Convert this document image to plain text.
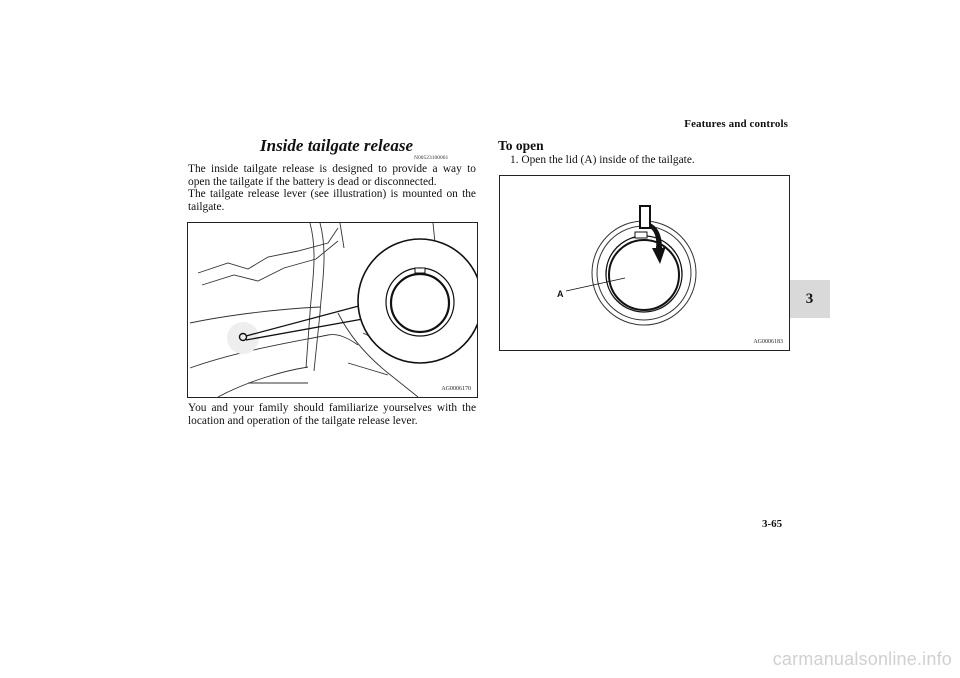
Features and controls
3
Inside tailgate release
N00523100061
The inside tailgate release is designed to provide a way to open the tailgate if the battery is dead or disconnected.
The tailgate release lever (see illustration) is mounted on the tailgate.
AG0006170
You and your family should familiarize yourselves with the location and operation of the tailgate release lever.
To open
1. Open the lid (A) inside of the tailgate.
A
AG0006183
3-65
carmanualsonline.info
